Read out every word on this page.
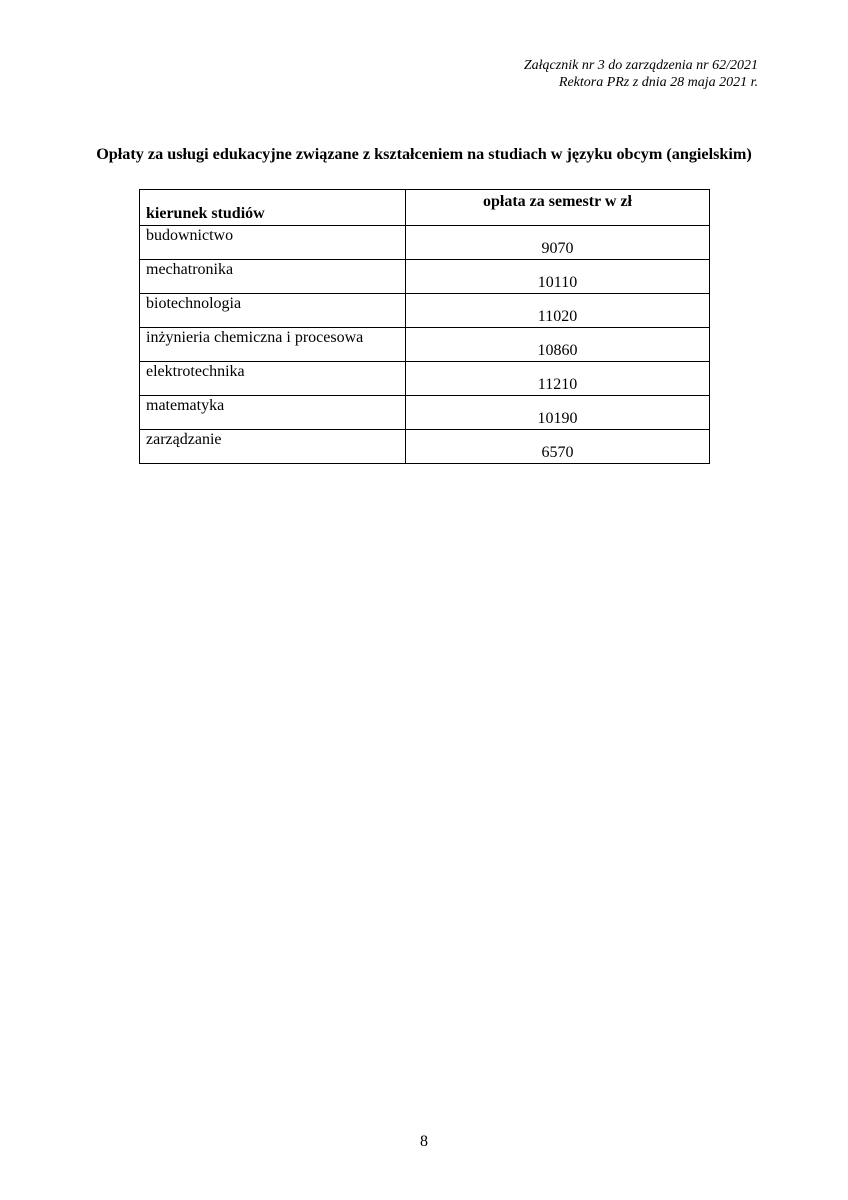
Załącznik nr 3 do zarządzenia nr 62/2021
Rektora PRz z dnia 28 maja 2021 r.
Opłaty za usługi edukacyjne związane z kształceniem na studiach w języku obcym (angielskim)
kierunek studiów	opłata za semestr w zł
budownictwo	9070
mechatronika	10110
biotechnologia	11020
inżynieria chemiczna i procesowa	10860
elektrotechnika	11210
matematyka	10190
zarządzanie	6570
8
